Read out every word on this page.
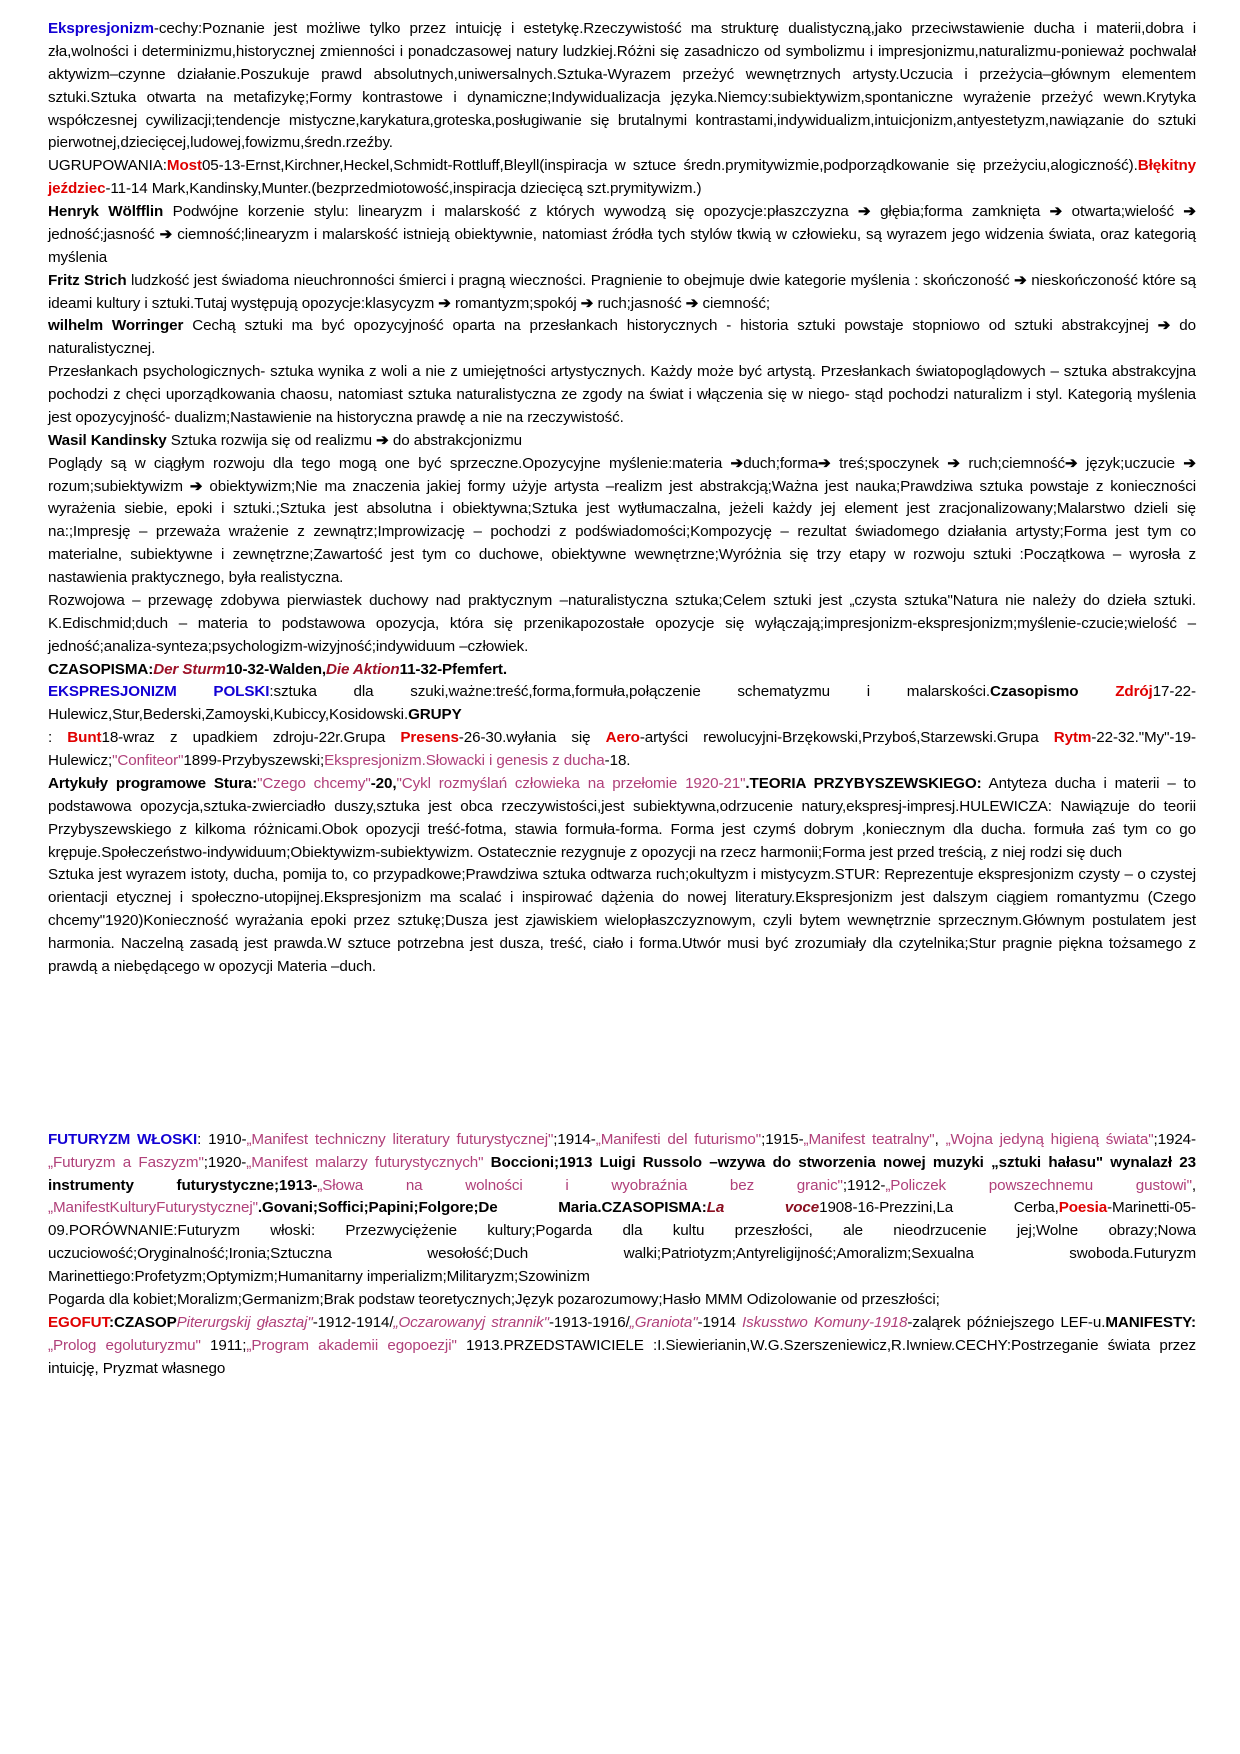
Ekspresjonizm-cechy:Poznanie jest możliwe tylko przez intuicję i estetykę.Rzeczywistość ma strukturę dualistyczną,jako przeciwstawienie ducha i materii,dobra i zła,wolności i determinizmu,historycznej zmienności i ponadczasowej natury ludzkiej.Różni się zasadniczo od symbolizmu i impresjonizmu,naturalizmu-ponieważ pochwalał aktywizm–czynne działanie.Poszukuje prawd absolutnych,uniwersalnych.Sztuka-Wyrazem przeżyć wewnętrznych artysty.Uczucia i przeżycia–głównym elementem sztuki.Sztuka otwarta na metafizykę;Formy kontrastowe i dynamiczne;Indywidualizacja języka.Niemcy:subiektywizm,spontaniczne wyrażenie przeżyć wewn.Krytyka współczesnej cywilizacji;tendencje mistyczne,karykatura,groteska,posługiwanie się brutalnymi kontrastami,indywidualizm,intuicjonizm,antyestetyzm,nawiązanie do sztuki pierwotnej,dziecięcej,ludowej,fowizmu,średn.rzeźby.

UGRUPOWANIA:Most05-13-Ernst,Kirchner,Heckel,Schmidt-Rottluff,Bleyll(inspiracja w sztuce średn.prymitywizmie,podporządkowanie się przeżyciu,alogiczność).Błękitny jeździec-11-14 Mark,Kandinsky,Munter.(bezprzedmiotowość,inspiracja dziecięcą szt.prymitywizm.)

Henryk Wölfflin Podwójne korzenie stylu: linearyzm i malarskość z których wywodzą się opozycje:płaszczyzna ➔ głębia;forma zamknięta ➔ otwarta;wielość ➔ jedność;jasność ➔ ciemność;linearyzm i malarskość istnieją obiektywnie, natomiast źródła tych stylów tkwią w człowieku, są wyrazem jego widzenia świata, oraz kategorią myślenia

Fritz Strich ludzkość jest świadoma nieuchronności śmierci i pragną wieczności. Pragnienie to obejmuje dwie kategorie myślenia : skończoność ➔ nieskończoność które są ideami kultury i sztuki.Tutaj występują opozycje:klasycyzm ➔ romantyzm;spokój ➔ ruch;jasność ➔ ciemność;

wilhelm Worringer Cechą sztuki ma być opozycyjność oparta na przesłankach historycznych - historia sztuki powstaje stopniowo od sztuki abstrakcyjnej ➔ do naturalistycznej.

Przesłankach psychologicznych- sztuka wynika z woli a nie z umiejętności artystycznych. Każdy może być artystą. Przesłankach światopoglądowych – sztuka abstrakcyjna pochodzi z chęci uporządkowania chaosu, natomiast sztuka naturalistyczna ze zgody na świat i włączenia się w niego- stąd pochodzi naturalizm i styl. Kategorią myślenia jest opozycyjność- dualizm;Nastawienie na historyczna prawdę a nie na rzeczywistość.

Wasil Kandinsky Sztuka rozwija się od realizmu ➔ do abstrakcjonizmu

Poglądy są w ciągłym rozwoju dla tego mogą one być sprzeczne.Opozycyjne myślenie:materia ➔duch;forma➔ treś;spoczynek ➔ ruch;ciemność➔ język;uczucie ➔ rozum;subiektywizm ➔ obiektywizm;Nie ma znaczenia jakiej formy użyje artysta –realizm jest abstrakcją;Ważna jest nauka;Prawdziwa sztuka powstaje z konieczności wyrażenia siebie, epoki i sztuki.;Sztuka jest absolutna i obiektywna;Sztuka jest wytłumaczalna, jeżeli każdy jej element jest zracjonalizowany;Malarstwo dzieli się na:;Impresję – przeważa wrażenie z zewnątrz;Improwizację – pochodzi z podświadomości;Kompozycję – rezultat świadomego działania artysty;Forma jest tym co materialne, subiektywne i zewnętrzne;Zawartość jest tym co duchowe, obiektywne wewnętrzne;Wyróżnia się trzy etapy w rozwoju sztuki :Początkowa – wyrosła z nastawienia praktycznego, była realistyczna.

Rozwojowa – przewagę zdobywa pierwiastek duchowy nad praktycznym –naturalistyczna sztuka;Celem sztuki jest „czysta sztuka"Natura nie należy do dzieła sztuki. K.Edischmid;duch – materia to podstawowa opozycja, która się przenikapozostałe opozycje się wyłączają;impresjonizm-ekspresjonizm;myślenie-czucie;wielość –jedność;analiza-synteza;psychologizm-wizyjność;indywiduum –człowiek.

CZASOPISMA:Der Sturm10-32-Walden,Die Aktion11-32-Pfemfert.

EKSPRESJONIZM POLSKI:sztuka dla szuki,ważne:treść,forma,formuła,połączenie schematyzmu i malarskości.Czasopismo Zdrój17-22-Hulewicz,Stur,Bederski,Zamoyski,Kubiccy,Kosidowski.GRUPY

: Bunt18-wraz z upadkiem zdroju-22r.Grupa Presens-26-30.wyłania się Aero-artyści rewolucyjni-Brzękowski,Przyboś,Starzewski.Grupa Rytm-22-32."My"-19-Hulewicz;"Confiteor"1899-Przybyszewski;Ekspresjonizm.Słowacki i genesis z ducha-18.

Artykuły programowe Stura:"Czego chcemy"-20,"Cykl rozmyślań człowieka na przełomie 1920-21".TEORIA PRZYBYSZEWSKIEGO: Antyteza ducha i materii – to podstawowa opozycja,sztuka-zwierciadło duszy,sztuka jest obca rzeczywistości,jest subiektywna,odrzucenie natury,ekspresj-impresj.HULEWICZA: Nawiązuje do teorii Przybyszewskiego z kilkoma różnicami.Obok opozycji treść-fotma, stawia formuła-forma. Forma jest czymś dobrym ,koniecznym dla ducha. formuła zaś tym co go krępuje.Społeczeństwo-indywiduum;Obiektywizm-subiektywizm. Ostatecznie rezygnuje z opozycji na rzecz harmonii;Forma jest przed treścią, z niej rodzi się duch

Sztuka jest wyrazem istoty, ducha, pomija to, co przypadkowe;Prawdziwa sztuka odtwarza ruch;okultyzm i mistycyzm.STUR: Reprezentuje ekspresjonizm czysty – o czystej orientacji etycznej i społeczno-utopijnej.Ekspresjonizm ma scalać i inspirować dążenia do nowej literatury.Ekspresjonizm jest dalszym ciągiem romantyzmu (Czego chcemy"1920)Konieczność wyrażania epoki przez sztukę;Dusza jest zjawiskiem wielopłaszczyznowym, czyli bytem wewnętrznie sprzecznym.Głównym postulatem jest harmonia. Naczelną zasadą jest prawda.W sztuce potrzebna jest dusza, treść, ciało i forma.Utwór musi być zrozumiały dla czytelnika;Stur pragnie piękna tożsamego z prawdą a niebędącego w opozycji Materia –duch.

FUTURYZM WŁOSKI: 1910-„Manifest techniczny literatury futurystycznej";1914-„Manifesti del futurismo";1915-„Manifest teatralny", „Wojna jedyną higieną świata";1924-„Futuryzm a Faszyzm";1920-„Manifest malarzy futurystycznych" Boccioni;1913 Luigi Russolo –wzywa do stworzenia nowej muzyki „sztuki hałasu" wynalazł 23 instrumenty futurystyczne;1913-„Słowa na wolności i wyobraźnia bez granic";1912-„Policzek powszechnemu gustowi",„ManifestKulturyFuturystycznej".Govani;Soffici;Papini;Folgore;De Maria.CZASOPISMA:La voce1908-16-Prezzini,La Cerba,Poesia-Marinetti-05-09.PORÓWNANIE:Futuryzm włoski: Przezwyciężenie kultury;Pogarda dla kultu przeszłości, ale nieodrzucenie jej;Wolne obrazy;Nowa uczuciowość;Oryginalność;Ironia;Sztuczna wesołość;Duch walki;Patriotyzm;Antyreligijność;Amoralizm;Sexualna swoboda.Futuryzm Marinettiego:Profetyzm;Optymizm;Humanitarny imperializm;Militaryzm;Szowinizm

Pogarda dla kobiet;Moralizm;Germanizm;Brak podstaw teoretycznych;Język pozarozumowy;Hasło MMM Odizolowanie od przeszłości;

EGOFUT:CZASOPPiterurgskij głasztaj"-1912-1914/„Oczarowanyj strannik"-1913-1916/„Graniota"-1914 Iskusstwo Komuny-1918-zaląrek późniejszego LEF-u.MANIFESTY:„Prolog egoluturyzmu" 1911;„Program akademii egopoezji" 1913.PRZEDSTAWICIELE :I.Siewierianin,W.G.Szerszeniewicz,R.Iwniew.CECHY:Postrzeganie świata przez intuicję, Pryzmat własnego
